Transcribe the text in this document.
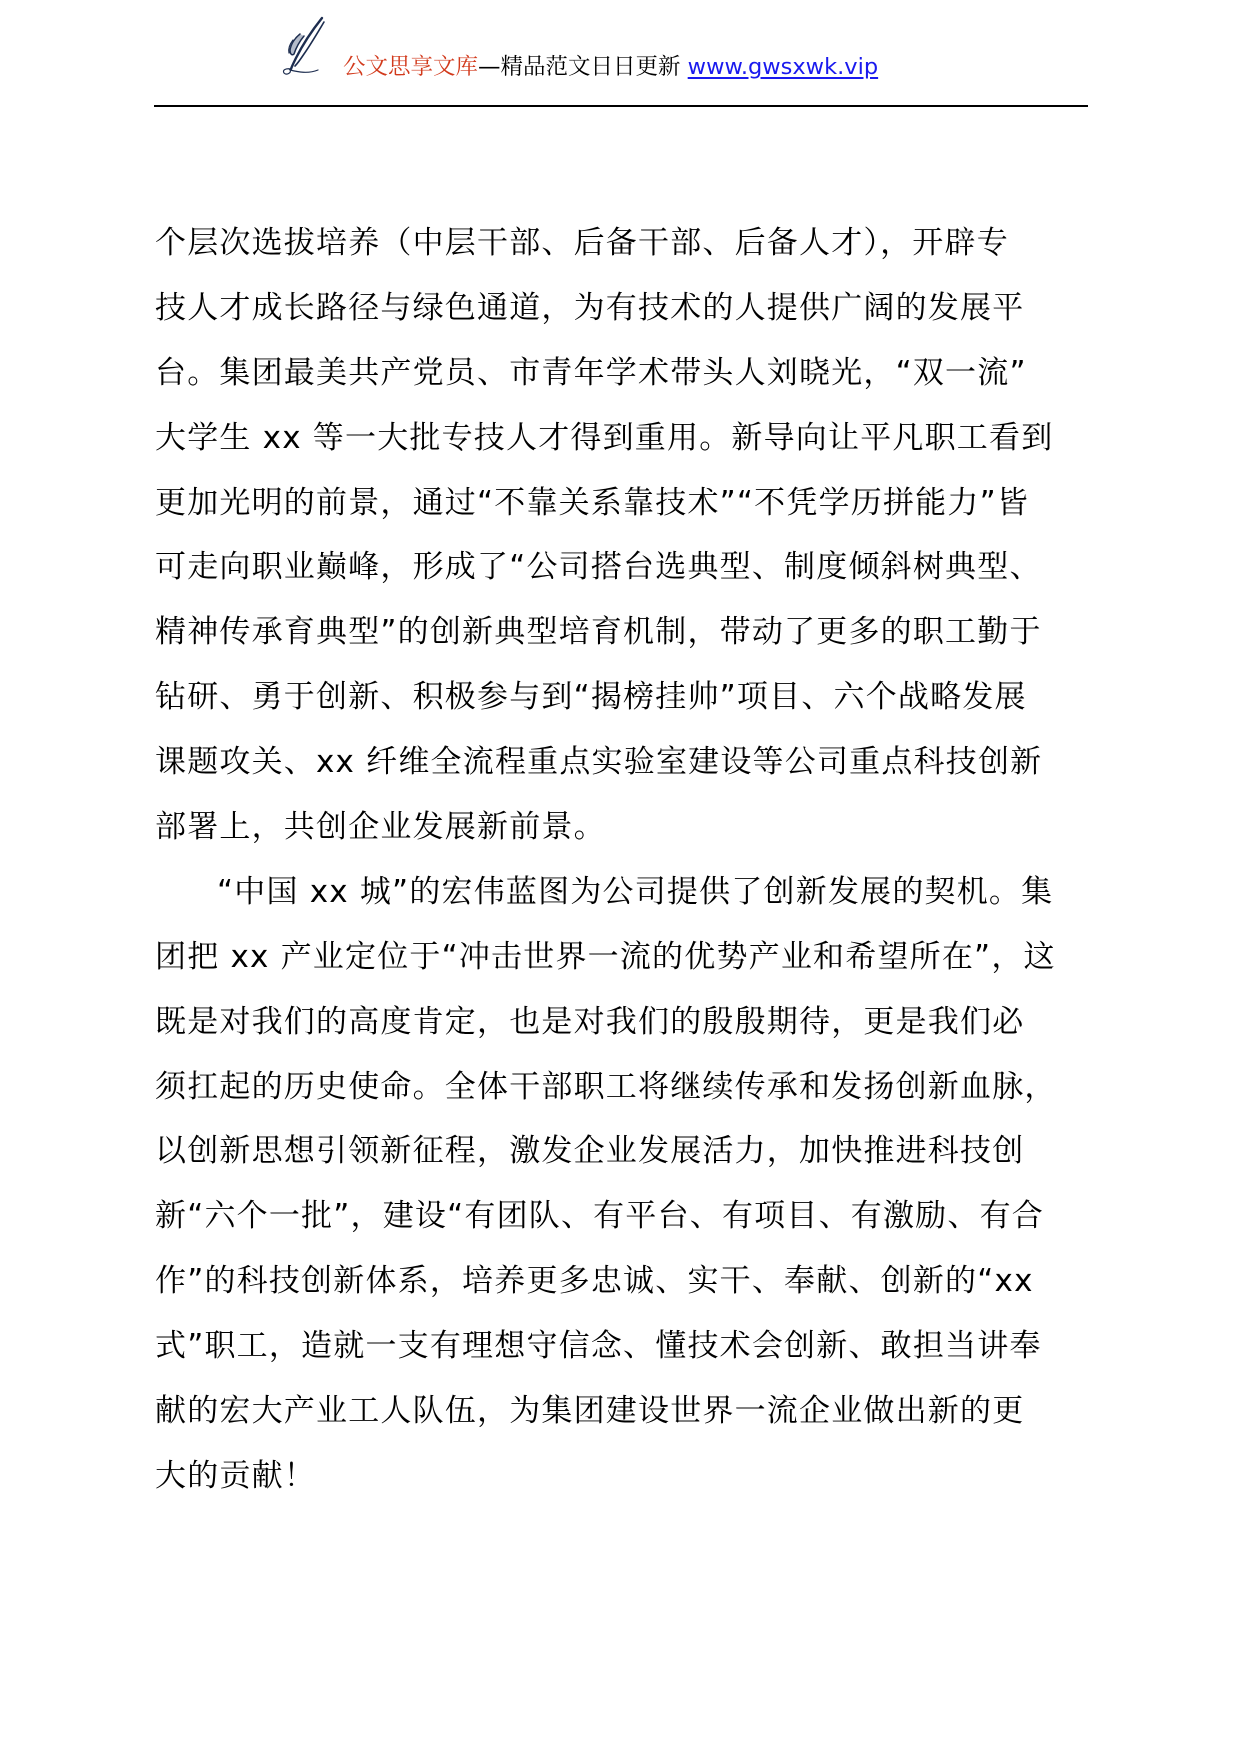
公文思享文库—精品范文日日更新 www.gwsxwk.vip
个层次选拔培养（中层干部、后备干部、后备人才），开辟专
技人才成长路径与绿色通道，为有技术的人提供广阔的发展平
台。集团最美共产党员、市青年学术带头人刘晓光，“双一流”
大学生 xx 等一大批专技人才得到重用。新导向让平凡职工看到
更加光明的前景，通过“不靠关系靠技术”“不凭学历拼能力”皆
可走向职业巅峰，形成了“公司搭台选典型、制度倾斜树典型、
精神传承育典型”的创新典型培育机制，带动了更多的职工勤于
钻研、勇于创新、积极参与到“揭榜挂帅”项目、六个战略发展
课题攻关、xx 纤维全流程重点实验室建设等公司重点科技创新
部署上，共创企业发展新前景。
“中国 xx 城”的宏伟蓝图为公司提供了创新发展的契机。集
团把 xx 产业定位于“冲击世界一流的优势产业和希望所在”，这
既是对我们的高度肯定，也是对我们的殷殷期待，更是我们必
须扛起的历史使命。全体干部职工将继续传承和发扬创新血脉，
以创新思想引领新征程，激发企业发展活力，加快推进科技创
新“六个一批”，建设“有团队、有平台、有项目、有激励、有合
作”的科技创新体系，培养更多忠诚、实干、奉献、创新的“xx
式”职工，造就一支有理想守信念、懂技术会创新、敢担当讲奉
献的宏大产业工人队伍，为集团建设世界一流企业做出新的更
大的贡献！
